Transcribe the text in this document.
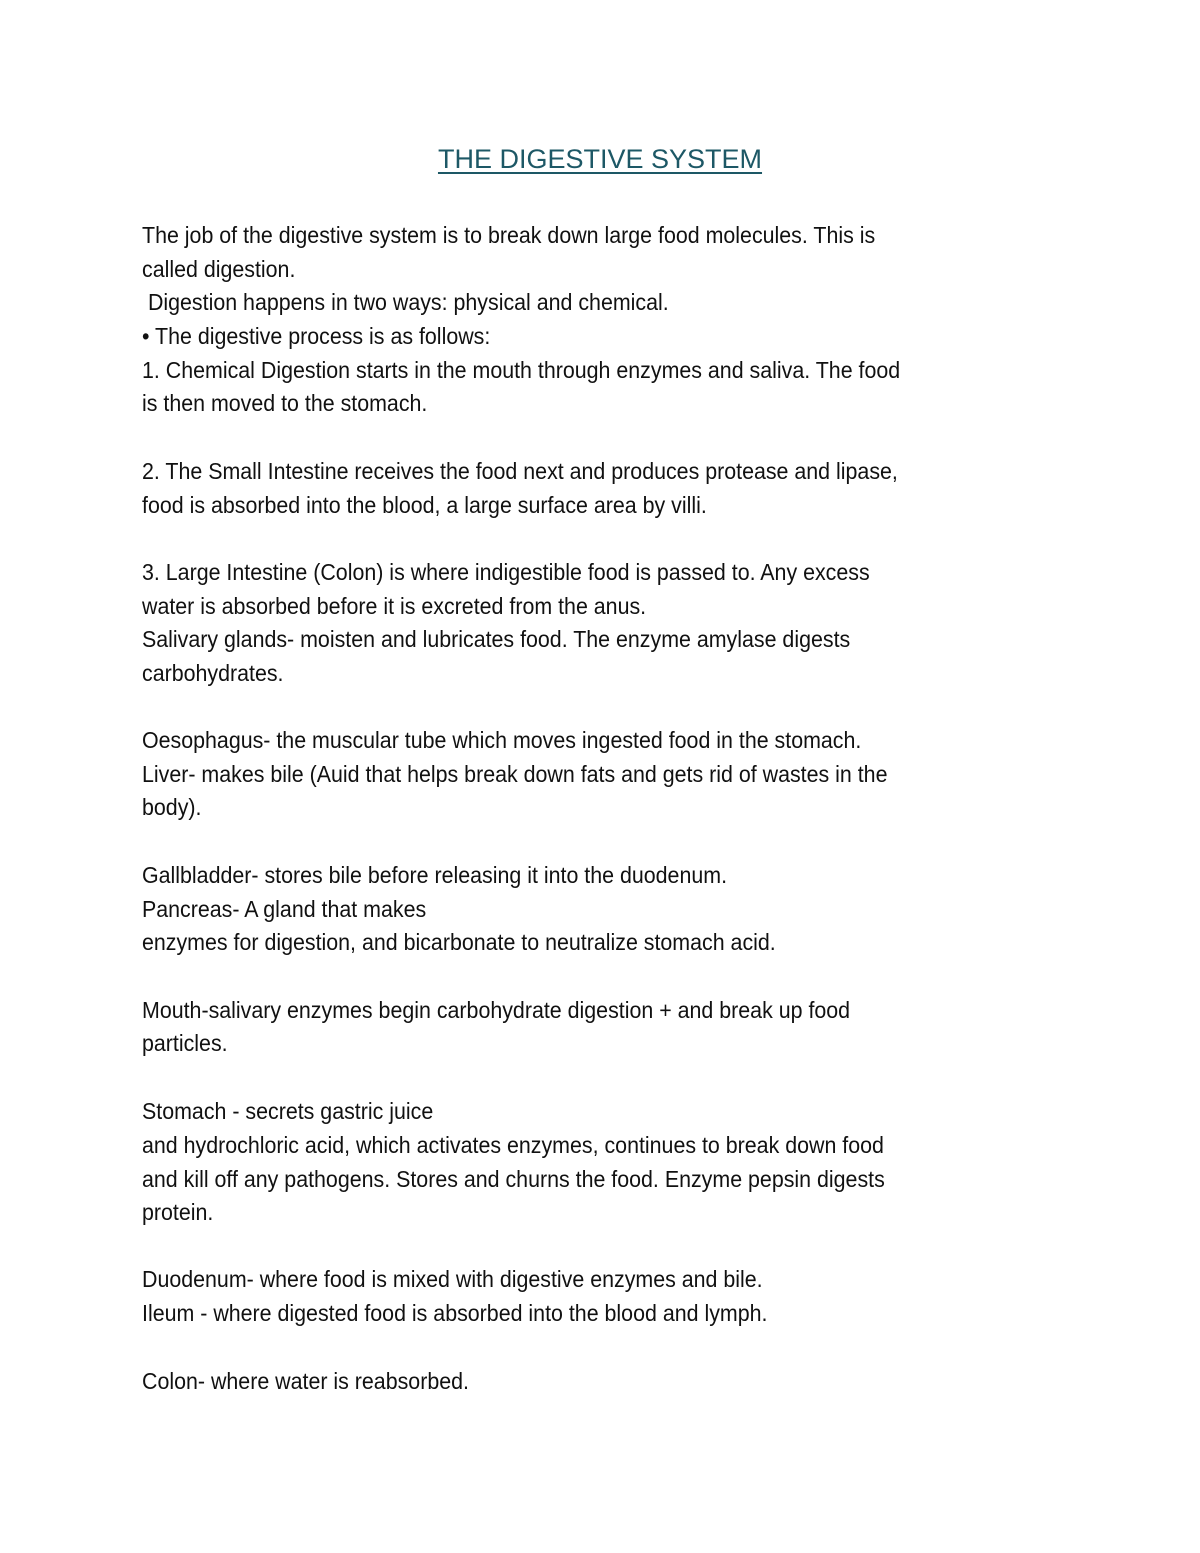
THE DIGESTIVE SYSTEM
The job of the digestive system is to break down large food molecules. This is
called digestion.
Digestion happens in two ways: physical and chemical.
• The digestive process is as follows:
1. Chemical Digestion starts in the mouth through enzymes and saliva. The food
is then moved to the stomach.
2. The Small Intestine receives the food next and produces protease and lipase,
food is absorbed into the blood, a large surface area by villi.
3. Large Intestine (Colon) is where indigestible food is passed to. Any excess
water is absorbed before it is excreted from the anus.
Salivary glands- moisten and lubricates food. The enzyme amylase digests
carbohydrates.
Oesophagus- the muscular tube which moves ingested food in the stomach.
Liver- makes bile (Auid that helps break down fats and gets rid of wastes in the
body).
Gallbladder- stores bile before releasing it into the duodenum.
Pancreas- A gland that makes
enzymes for digestion, and bicarbonate to neutralize stomach acid.
Mouth-salivary enzymes begin carbohydrate digestion + and break up food
particles.
Stomach - secrets gastric juice
and hydrochloric acid, which activates enzymes, continues to break down food
and kill off any pathogens. Stores and churns the food. Enzyme pepsin digests
protein.
Duodenum- where food is mixed with digestive enzymes and bile.
Ileum - where digested food is absorbed into the blood and lymph.
Colon- where water is reabsorbed.
